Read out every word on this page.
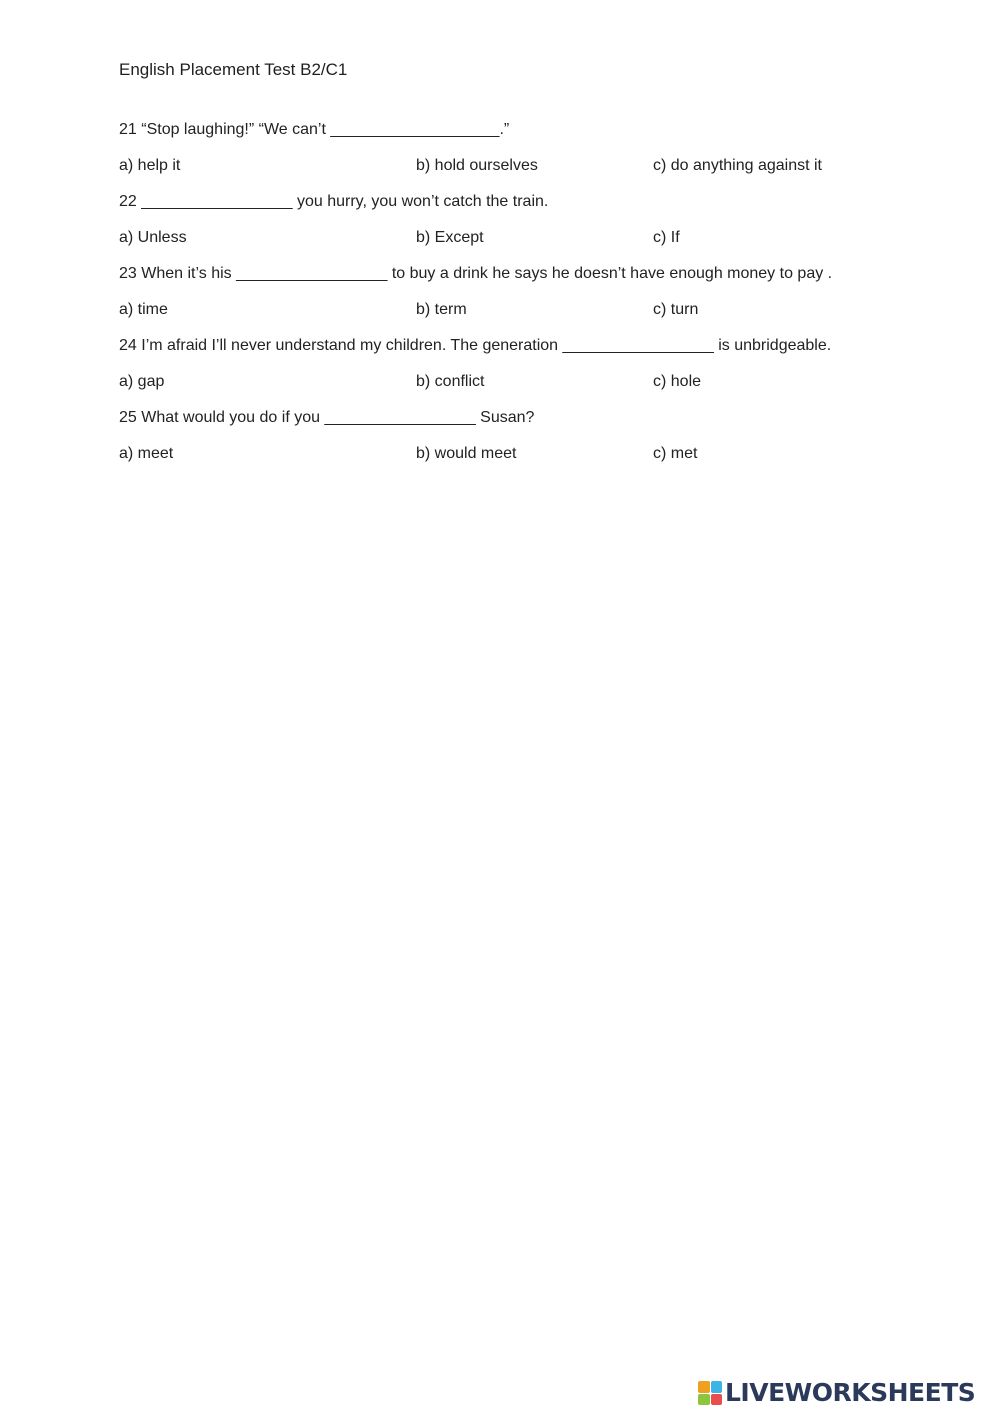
English Placement Test B2/C1
21 “Stop laughing!” “We can’t ___________________.”
a) help it	b) hold ourselves	c) do anything against it
22 _________________ you hurry, you won’t catch the train.
a) Unless	b) Except	c) If
23 When it’s his _________________ to buy a drink he says he doesn’t have enough money to pay .
a) time	b) term	c) turn
24 I’m afraid I’ll never understand my children. The generation _________________ is unbridgeable.
a) gap	b) conflict	c) hole
25 What would you do if you _________________ Susan?
a) meet	b) would meet	c) met
LIVEWORKSHEETS
